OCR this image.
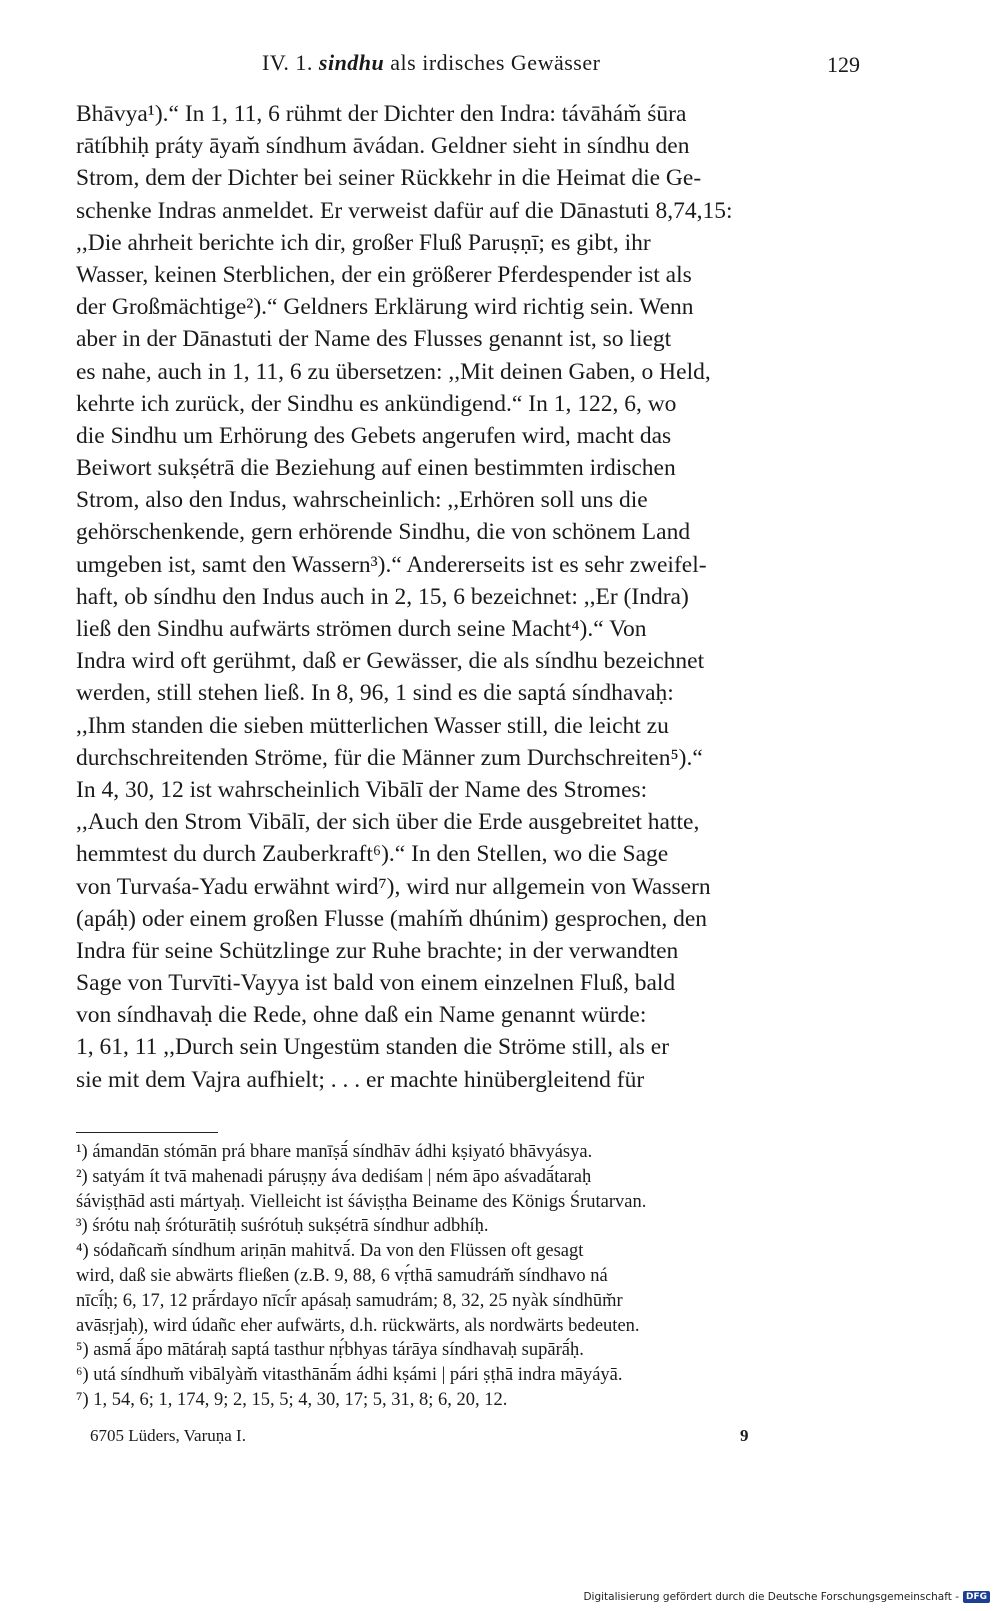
IV. 1. sindhu als irdisches Gewässer	129
Bhāvya¹).“ In 1, 11, 6 rühmt der Dichter den Indra: távāhám̆ śūra
rātíbhiḥ práty āyam̆ síndhum āvádan. Geldner sieht in síndhu den
Strom, dem der Dichter bei seiner Rückkehr in die Heimat die Ge-
schenke Indras anmeldet. Er verweist dafür auf die Dānastuti 8,74,15:
,,Die ahrheit berichte ich dir, großer Fluß Paruṣṇī; es gibt, ihr
Wasser, keinen Sterblichen, der ein größerer Pferdespender ist als
der Großmächtige²).“ Geldners Erklärung wird richtig sein. Wenn
aber in der Dānastuti der Name des Flusses genannt ist, so liegt
es nahe, auch in 1, 11, 6 zu übersetzen: ,,Mit deinen Gaben, o Held,
kehrte ich zurück, der Sindhu es ankündigend.“ In 1, 122, 6, wo
die Sindhu um Erhörung des Gebets angerufen wird, macht das
Beiwort sukṣétrā die Beziehung auf einen bestimmten irdischen
Strom, also den Indus, wahrscheinlich: ,,Erhören soll uns die
gehörschenkende, gern erhörende Sindhu, die von schönem Land
umgeben ist, samt den Wassern³).“ Andererseits ist es sehr zweifel-
haft, ob síndhu den Indus auch in 2, 15, 6 bezeichnet: ,,Er (Indra)
ließ den Sindhu aufwärts strömen durch seine Macht⁴).“ Von
Indra wird oft gerühmt, daß er Gewässer, die als síndhu bezeichnet
werden, still stehen ließ. In 8, 96, 1 sind es die saptá síndhavaḥ:
,,Ihm standen die sieben mütterlichen Wasser still, die leicht zu
durchschreitenden Ströme, für die Männer zum Durchschreiten⁵).“
In 4, 30, 12 ist wahrscheinlich Vibālī der Name des Stromes:
,,Auch den Strom Vibālī, der sich über die Erde ausgebreitet hatte,
hemmtest du durch Zauberkraft⁶).“ In den Stellen, wo die Sage
von Turvaśa-Yadu erwähnt wird⁷), wird nur allgemein von Wassern
(apáḥ) oder einem großen Flusse (mahím̆ dhúnim) gesprochen, den
Indra für seine Schützlinge zur Ruhe brachte; in der verwandten
Sage von Turvīti-Vayya ist bald von einem einzelnen Fluß, bald
von síndhavaḥ die Rede, ohne daß ein Name genannt würde:
1, 61, 11 ,,Durch sein Ungestüm standen die Ströme still, als er
sie mit dem Vajra aufhielt; . . . er machte hinübergleitend für
¹) ámandān stómān prá bhare manīṣā́ síndhāv ádhi kṣiyató bhāvyásya.
²) satyám ít tvā mahenadi páruṣṇy áva dediśam | ném āpo aśvadā́taraḥ
śáviṣṭhād asti mártyaḥ. Vielleicht ist śáviṣṭha Beiname des Königs Śrutarvan.
³) śrótu naḥ śróturātiḥ suśrótuḥ sukṣétrā síndhur adbhíḥ.
⁴) sódañcam̆ síndhum ariṇān mahitvā́. Da von den Flüssen oft gesagt
wird, daß sie abwärts fließen (z.B. 9, 88, 6 vṛ́thā samudrám̆ síndhavo ná
nīcī́ḥ; 6, 17, 12 prā́rdayo nīcī́r apásaḥ samudrám; 8, 32, 25 nyàk síndhūm̆r
avāsṛjaḥ), wird údañc eher aufwärts, d.h. rückwärts, als nordwärts bedeuten.
⁵) asmā́ ā́po mātáraḥ saptá tasthur nṛ́bhyas tárāya síndhavaḥ supārā́ḥ.
⁶) utá síndhum̆ vibālyàm̆ vitasthānā́m ádhi kṣámi | pári ṣṭhā indra māyáyā.
⁷) 1, 54, 6; 1, 174, 9; 2, 15, 5; 4, 30, 17; 5, 31, 8; 6, 20, 12.
6705 Lüders, Varuṇa I.	9
Digitalisierung gefördert durch die Deutsche Forschungsgemeinschaft - DFG
